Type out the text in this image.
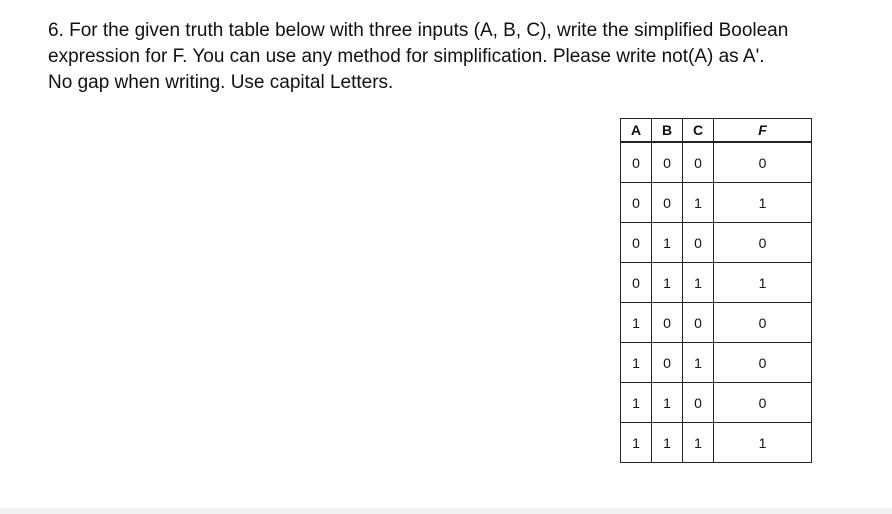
6. For the given truth table below with three inputs (A, B, C), write the simplified Boolean
expression for F. You can use any method for simplification. Please write not(A) as A'.
No gap when writing. Use capital Letters.
A	B	C	F
0	0	0	0
0	0	1	1
0	1	0	0
0	1	1	1
1	0	0	0
1	0	1	0
1	1	0	0
1	1	1	1
